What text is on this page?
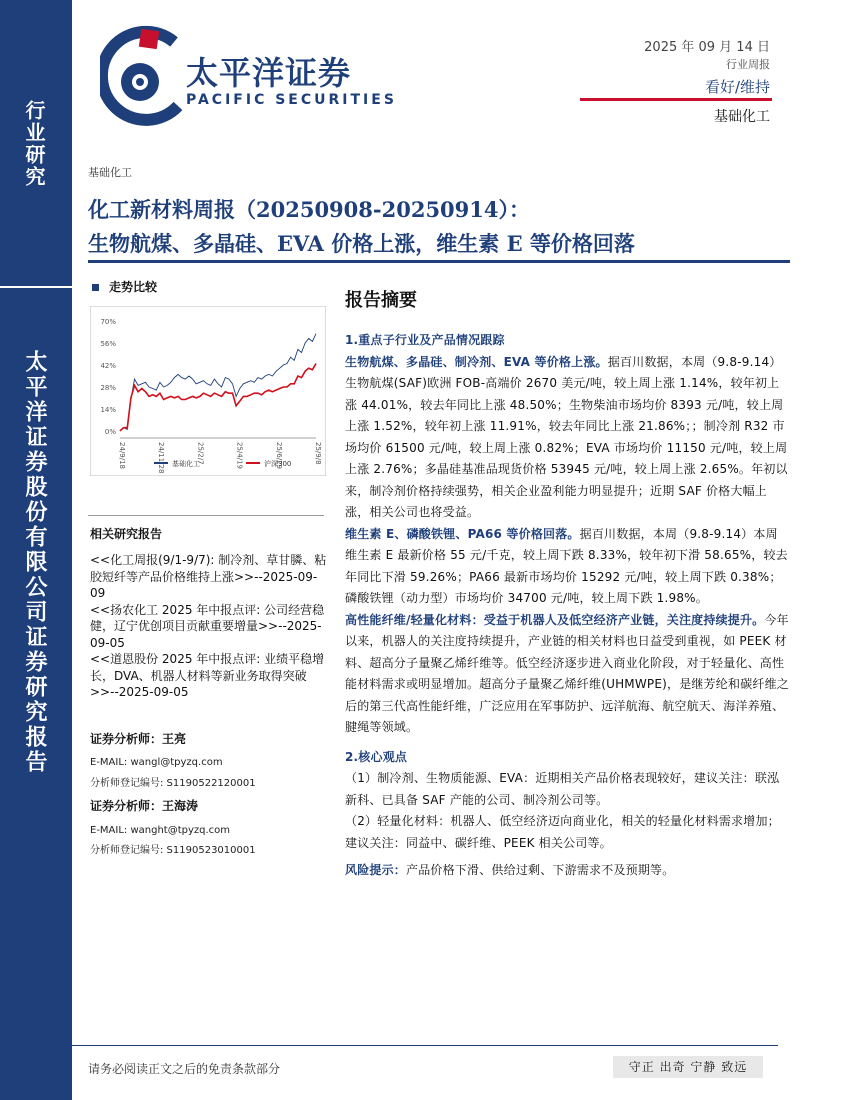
行业研究
太平洋证券股份有限公司证券研究报告
太平洋证券
PACIFIC SECURITIES
2025 年 09 月 14 日
行业周报
看好/维持
基础化工
基础化工
化工新材料周报（20250908-20250914）：
生物航煤、多晶硅、EVA 价格上涨，维生素 E 等价格回落
走势比较
70%
56%
42%
28%
14%
0%
24/9/18	24/11/28	25/2/7	25/4/19	25/6/29	25/9/8
基础化工	沪深300
相关研究报告
<<化工周报(9/1-9/7): 制冷剂、草甘膦、粘胶短纤等产品价格维持上涨>>--2025-09-09
<<扬农化工 2025 年中报点评: 公司经营稳健，辽宁优创项目贡献重要增量>>--2025-09-05
<<道恩股份 2025 年中报点评: 业绩平稳增长，DVA、机器人材料等新业务取得突破>>--2025-09-05
证券分析师：王亮
E-MAIL: wangl@tpyzq.com
分析师登记编号: S1190522120001
证券分析师：王海涛
E-MAIL: wanght@tpyzq.com
分析师登记编号: S1190523010001
报告摘要
1.重点子行业及产品情况跟踪
生物航煤、多晶硅、制冷剂、EVA 等价格上涨。据百川数据，本周（9.8-9.14）生物航煤(SAF)欧洲 FOB-高端价 2670 美元/吨，较上周上涨 1.14%，较年初上涨 44.01%，较去年同比上涨 48.50%；生物柴油市场均价 8393 元/吨，较上周上涨 1.52%，较年初上涨 11.91%，较去年同比上涨 21.86%；；制冷剂 R32 市场均价 61500 元/吨，较上周上涨 0.82%；EVA 市场均价 11150 元/吨，较上周上涨 2.76%；多晶硅基准品现货价格 53945 元/吨，较上周上涨 2.65%。年初以来，制冷剂价格持续强势，相关企业盈利能力明显提升；近期 SAF 价格大幅上涨，相关公司也将受益。
维生素 E、磷酸铁锂、PA66 等价格回落。据百川数据，本周（9.8-9.14）本周维生素 E 最新价格 55 元/千克，较上周下跌 8.33%，较年初下滑 58.65%，较去年同比下滑 59.26%；PA66 最新市场均价 15292 元/吨，较上周下跌 0.38%；磷酸铁锂（动力型）市场均价 34700 元/吨，较上周下跌 1.98%。
高性能纤维/轻量化材料：受益于机器人及低空经济产业链，关注度持续提升。今年以来，机器人的关注度持续提升，产业链的相关材料也日益受到重视，如 PEEK 材料、超高分子量聚乙烯纤维等。低空经济逐步进入商业化阶段，对于轻量化、高性能材料需求或明显增加。超高分子量聚乙烯纤维(UHMWPE)，是继芳纶和碳纤维之后的第三代高性能纤维，广泛应用在军事防护、远洋航海、航空航天、海洋养殖、腱绳等领域。
2.核心观点
（1）制冷剂、生物质能源、EVA：近期相关产品价格表现较好，建议关注：联泓新科、已具备 SAF 产能的公司、制冷剂公司等。
（2）轻量化材料：机器人、低空经济迈向商业化，相关的轻量化材料需求增加；建议关注：同益中、碳纤维、PEEK 相关公司等。
风险提示：产品价格下滑、供给过剩、下游需求不及预期等。
请务必阅读正文之后的免责条款部分	守正 出奇 宁静 致远
